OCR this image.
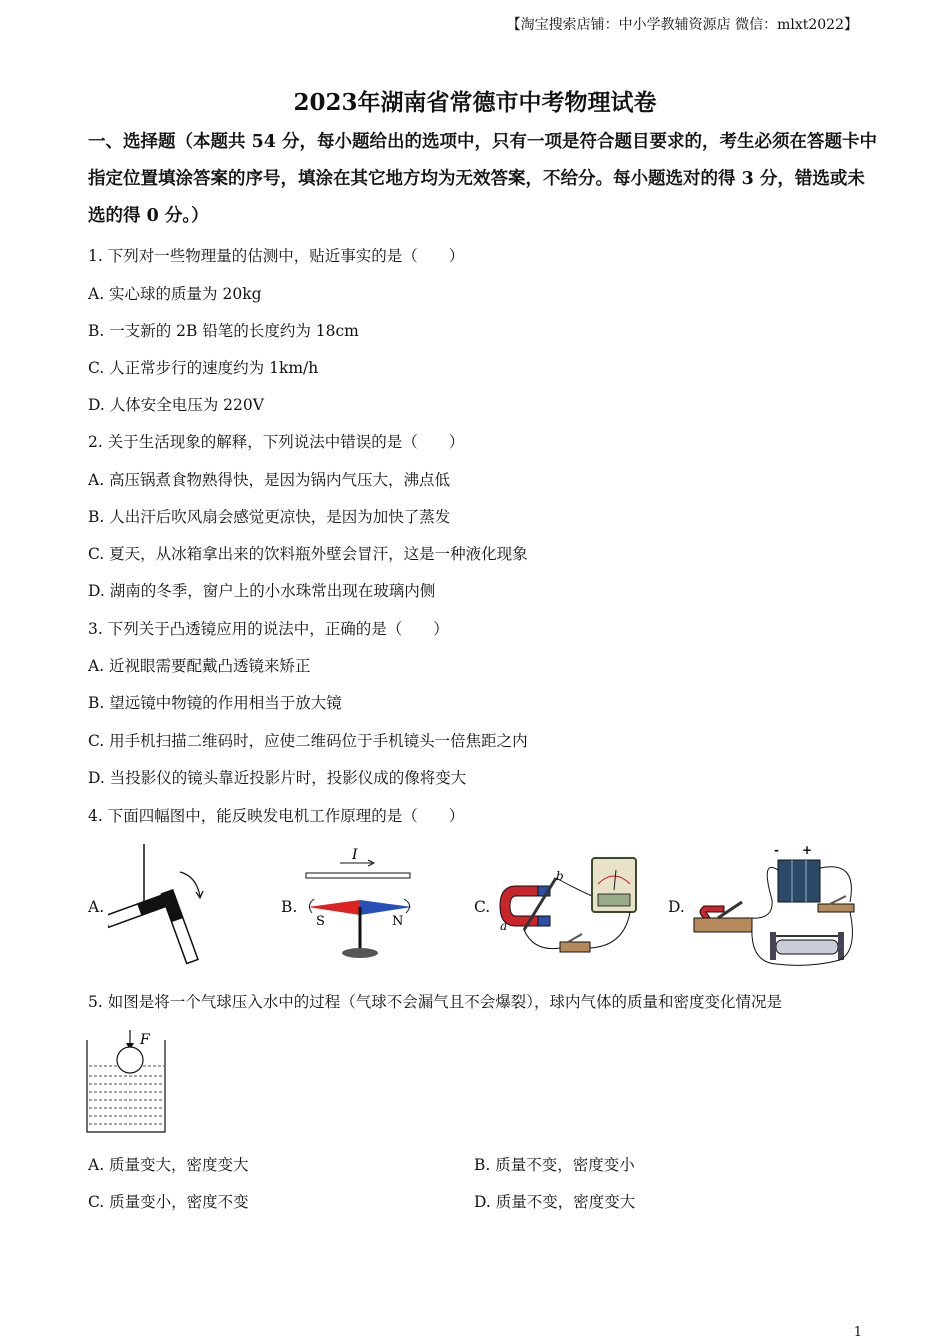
【淘宝搜索店铺：中小学教辅资源店 微信：mlxt2022】
2023年湖南省常德市中考物理试卷
一、选择题（本题共 54 分，每小题给出的选项中，只有一项是符合题目要求的，考生必须在答题卡中指定位置填涂答案的序号，填涂在其它地方均为无效答案，不给分。每小题选对的得 3 分，错选或未选的得 0 分。）
1. 下列对一些物理量的估测中，贴近事实的是（　　）
A. 实心球的质量为 20kg
B. 一支新的 2B 铅笔的长度约为 18cm
C. 人正常步行的速度约为 1km/h
D. 人体安全电压为 220V
2. 关于生活现象的解释，下列说法中错误的是（　　）
A. 高压锅煮食物熟得快，是因为锅内气压大，沸点低
B. 人出汗后吹风扇会感觉更凉快，是因为加快了蒸发
C. 夏天，从冰箱拿出来的饮料瓶外壁会冒汗，这是一种液化现象
D. 湖南的冬季，窗户上的小水珠常出现在玻璃内侧
3. 下列关于凸透镜应用的说法中，正确的是（　　）
A. 近视眼需要配戴凸透镜来矫正
B. 望远镜中物镜的作用相当于放大镜
C. 用手机扫描二维码时，应使二维码位于手机镜头一倍焦距之内
D. 当投影仪的镜头靠近投影片时，投影仪成的像将变大
4. 下面四幅图中，能反映发电机工作原理的是（　　）
A.	B.
I
S	N
C.
a
b
D.
- +
5. 如图是将一个气球压入水中的过程（气球不会漏气且不会爆裂），球内气体的质量和密度变化情况是
F
A. 质量变大，密度变大	B. 质量不变，密度变小
C. 质量变小，密度不变	D. 质量不变，密度变大
1
